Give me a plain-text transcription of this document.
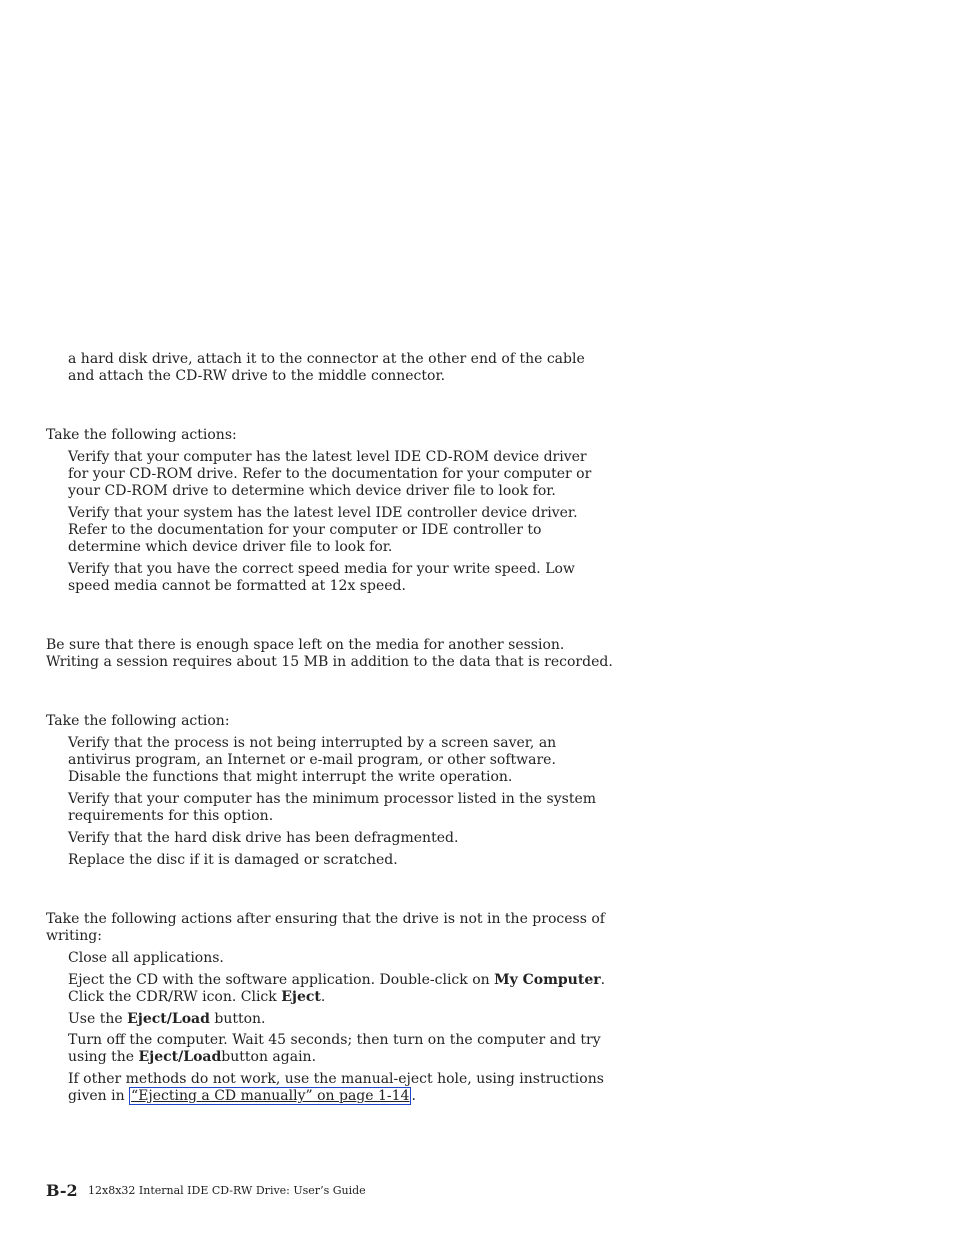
a hard disk drive, attach it to the connector at the other end of the cable
and attach the CD-RW drive to the middle connector.
Take the following actions:
Verify that your computer has the latest level IDE CD-ROM device driver
for your CD-ROM drive. Refer to the documentation for your computer or
your CD-ROM drive to determine which device driver file to look for.
Verify that your system has the latest level IDE controller device driver.
Refer to the documentation for your computer or IDE controller to
determine which device driver file to look for.
Verify that you have the correct speed media for your write speed. Low
speed media cannot be formatted at 12x speed.
Be sure that there is enough space left on the media for another session.
Writing a session requires about 15 MB in addition to the data that is recorded.
Take the following action:
Verify that the process is not being interrupted by a screen saver, an
antivirus program, an Internet or e-mail program, or other software.
Disable the functions that might interrupt the write operation.
Verify that your computer has the minimum processor listed in the system
requirements for this option.
Verify that the hard disk drive has been defragmented.
Replace the disc if it is damaged or scratched.
Take the following actions after ensuring that the drive is not in the process of
writing:
Close all applications.
Eject the CD with the software application. Double-click on My Computer.
Click the CDR/RW icon. Click Eject.
Use the Eject/Load button.
Turn off the computer. Wait 45 seconds; then turn on the computer and try
using the Eject/Loadbutton again.
If other methods do not work, use the manual-eject hole, using instructions
given in “Ejecting a CD manually” on page 1-14 .
B-2 12x8x32 Internal IDE CD-RW Drive: User’s Guide
